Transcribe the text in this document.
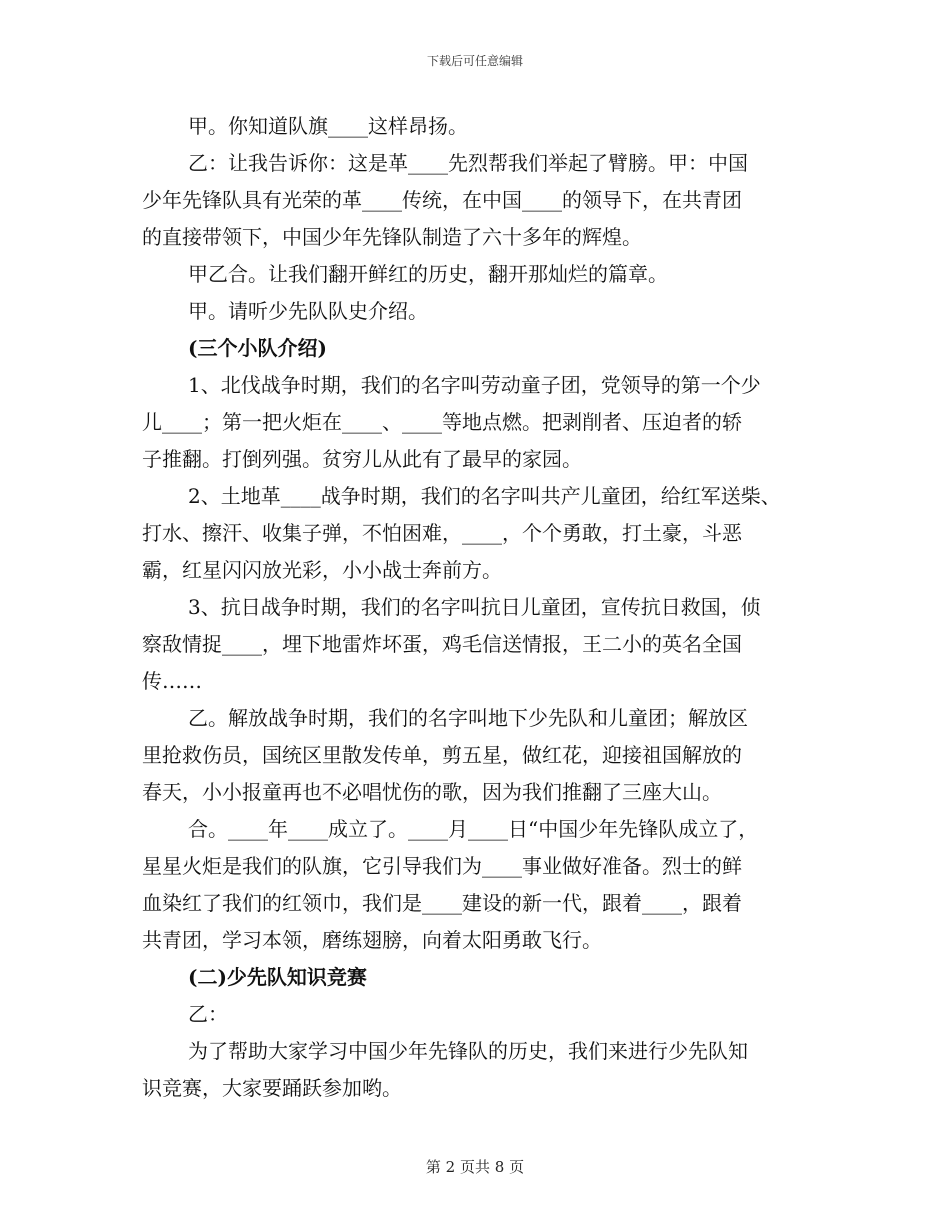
下载后可任意编辑
甲。你知道队旗____这样昂扬。
乙：让我告诉你：这是革____先烈帮我们举起了臂膀。甲：中国
少年先锋队具有光荣的革____传统，在中国____的领导下，在共青团
的直接带领下，中国少年先锋队制造了六十多年的辉煌。
甲乙合。让我们翻开鲜红的历史，翻开那灿烂的篇章。
甲。请听少先队队史介绍。
(三个小队介绍)
1、北伐战争时期，我们的名字叫劳动童子团，党领导的第一个少
儿____；第一把火炬在____、____等地点燃。把剥削者、压迫者的轿
子推翻。打倒列强。贫穷儿从此有了最早的家园。
2、土地革____战争时期，我们的名字叫共产儿童团，给红军送柴、
打水、擦汗、收集子弹，不怕困难，____，个个勇敢，打土豪，斗恶
霸，红星闪闪放光彩，小小战士奔前方。
3、抗日战争时期，我们的名字叫抗日儿童团，宣传抗日救国，侦
察敌情捉____，埋下地雷炸坏蛋，鸡毛信送情报，王二小的英名全国
传……
乙。解放战争时期，我们的名字叫地下少先队和儿童团；解放区
里抢救伤员，国统区里散发传单，剪五星，做红花，迎接祖国解放的
春天，小小报童再也不必唱忧伤的歌，因为我们推翻了三座大山。
合。____年____成立了。____月____日“中国少年先锋队成立了，
星星火炬是我们的队旗，它引导我们为____事业做好准备。烈士的鲜
血染红了我们的红领巾，我们是____建设的新一代，跟着____，跟着
共青团，学习本领，磨练翅膀，向着太阳勇敢飞行。
(二)少先队知识竞赛
乙：
为了帮助大家学习中国少年先锋队的历史，我们来进行少先队知
识竞赛，大家要踊跃参加哟。
第 2 页共 8 页
